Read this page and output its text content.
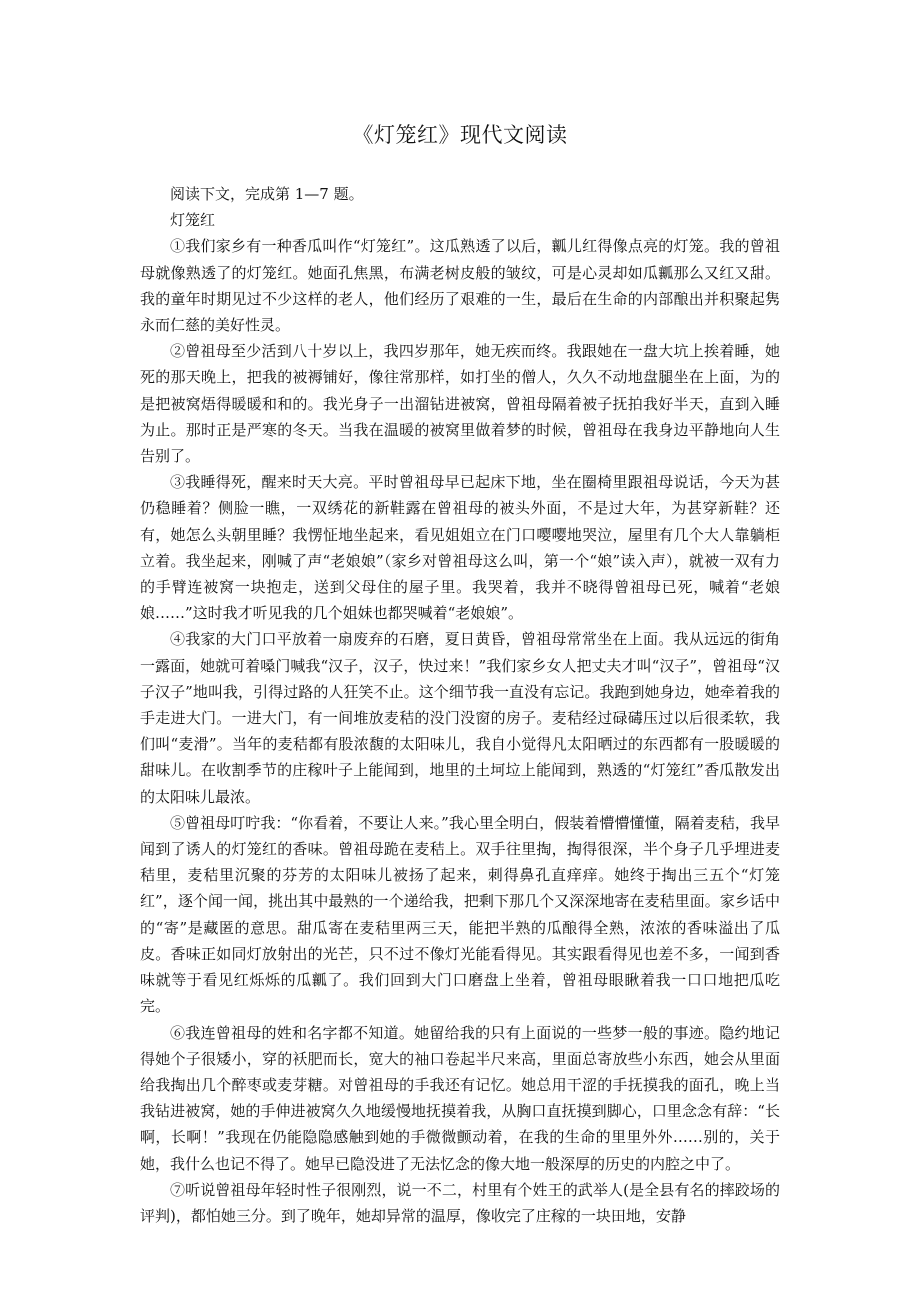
《灯笼红》现代文阅读

阅读下文，完成第 1—7 题。

灯笼红

①我们家乡有一种香瓜叫作“灯笼红”。这瓜熟透了以后，瓤儿红得像点亮的灯笼。我的曾祖母就像熟透了的灯笼红。她面孔焦黑，布满老树皮般的皱纹，可是心灵却如瓜瓤那么又红又甜。我的童年时期见过不少这样的老人，他们经历了艰难的一生，最后在生命的内部酿出并积聚起隽永而仁慈的美好性灵。

②曾祖母至少活到八十岁以上，我四岁那年，她无疾而终。我跟她在一盘大坑上挨着睡，她死的那天晚上，把我的被褥铺好，像往常那样，如打坐的僧人，久久不动地盘腿坐在上面，为的是把被窝焐得暖暖和和的。我光身子一出溜钻进被窝，曾祖母隔着被子抚拍我好半天，直到入睡为止。那时正是严寒的冬天。当我在温暖的被窝里做着梦的时候，曾祖母在我身边平静地向人生告别了。

③我睡得死，醒来时天大亮。平时曾祖母早已起床下地，坐在圈椅里跟祖母说话，今天为甚仍稳睡着？侧脸一瞧，一双绣花的新鞋露在曾祖母的被头外面，不是过大年，为甚穿新鞋？还有，她怎么头朝里睡？我愣怔地坐起来，看见姐姐立在门口嘤嘤地哭泣，屋里有几个大人靠躺柜立着。我坐起来，刚喊了声“老娘娘”（家乡对曾祖母这么叫，第一个“娘”读入声），就被一双有力的手臂连被窝一块抱走，送到父母住的屋子里。我哭着，我并不晓得曾祖母已死，喊着“老娘娘……”这时我才听见我的几个姐妹也都哭喊着“老娘娘”。

④我家的大门口平放着一扇废弃的石磨，夏日黄昏，曾祖母常常坐在上面。我从远远的街角一露面，她就可着嗓门喊我“汉子，汉子，快过来！”我们家乡女人把丈夫才叫“汉子”，曾祖母“汉子汉子”地叫我，引得过路的人狂笑不止。这个细节我一直没有忘记。我跑到她身边，她牵着我的手走进大门。一进大门，有一间堆放麦秸的没门没窗的房子。麦秸经过碌碡压过以后很柔软，我们叫“麦滑”。当年的麦秸都有股浓馥的太阳味儿，我自小觉得凡太阳晒过的东西都有一股暖暖的甜味儿。在收割季节的庄稼叶子上能闻到，地里的土坷垃上能闻到，熟透的“灯笼红”香瓜散发出的太阳味儿最浓。

⑤曾祖母叮咛我：“你看着，不要让人来。”我心里全明白，假装着懵懵懂懂，隔着麦秸，我早闻到了诱人的灯笼红的香味。曾祖母跪在麦秸上。双手往里掏，掏得很深，半个身子几乎埋进麦秸里，麦秸里沉聚的芬芳的太阳味儿被扬了起来，刺得鼻孔直痒痒。她终于掏出三五个“灯笼红”，逐个闻一闻，挑出其中最熟的一个递给我，把剩下那几个又深深地寄在麦秸里面。家乡话中的“寄”是藏匿的意思。甜瓜寄在麦秸里两三天，能把半熟的瓜酿得全熟，浓浓的香味溢出了瓜皮。香味正如同灯放射出的光芒，只不过不像灯光能看得见。其实跟看得见也差不多，一闻到香味就等于看见红烁烁的瓜瓤了。我们回到大门口磨盘上坐着，曾祖母眼瞅着我一口口地把瓜吃完。

⑥我连曾祖母的姓和名字都不知道。她留给我的只有上面说的一些梦一般的事迹。隐约地记得她个子很矮小，穿的袄肥而长，宽大的袖口卷起半尺来高，里面总寄放些小东西，她会从里面给我掏出几个醉枣或麦芽糖。对曾祖母的手我还有记忆。她总用干涩的手抚摸我的面孔，晚上当我钻进被窝，她的手伸进被窝久久地缓慢地抚摸着我，从胸口直抚摸到脚心，口里念念有辞：“长啊，长啊！”我现在仍能隐隐感触到她的手微微颤动着，在我的生命的里里外外……别的，关于她，我什么也记不得了。她早已隐没进了无法忆念的像大地一般深厚的历史的内腔之中了。

⑦听说曾祖母年轻时性子很刚烈，说一不二，村里有个姓王的武举人(是全县有名的摔跤场的评判)，都怕她三分。到了晚年，她却异常的温厚，像收完了庄稼的一块田地，安静
